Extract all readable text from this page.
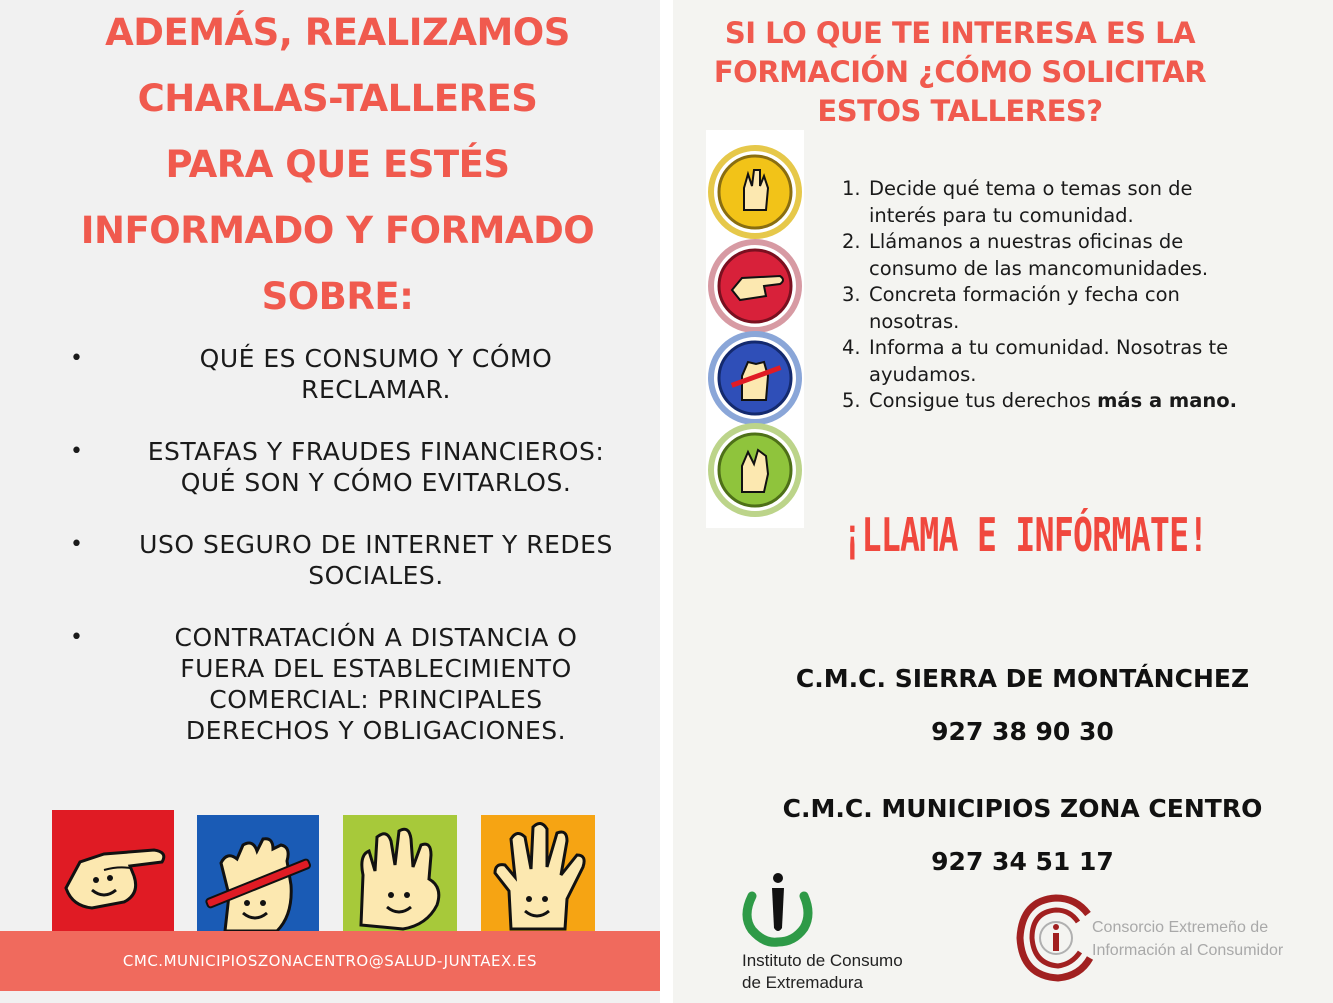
ADEMÁS, REALIZAMOS
CHARLAS-TALLERES
PARA QUE ESTÉS
INFORMADO Y FORMADO
SOBRE:
•	QUÉ ES CONSUMO Y CÓMO
RECLAMAR.
•	ESTAFAS Y FRAUDES FINANCIEROS:
QUÉ SON Y CÓMO EVITARLOS.
•	USO SEGURO DE INTERNET Y REDES
SOCIALES.
•	CONTRATACIÓN A DISTANCIA O
FUERA DEL ESTABLECIMIENTO
COMERCIAL: PRINCIPALES
DERECHOS Y OBLIGACIONES.
CMC.MUNICIPIOSZONACENTRO@SALUD-JUNTAEX.ES
SI LO QUE TE INTERESA ES LA
FORMACIÓN ¿CÓMO SOLICITAR
ESTOS TALLERES?
1. Decide qué tema o temas son de
interés para tu comunidad.
2. Llámanos a nuestras oficinas de
consumo de las mancomunidades.
3. Concreta formación y fecha con
nosotras.
4. Informa a tu comunidad. Nosotras te
ayudamos.
5. Consigue tus derechos más a mano.
¡LLAMA E INFÓRMATE!
C.M.C. SIERRA DE MONTÁNCHEZ
927 38 90 30
C.M.C. MUNICIPIOS ZONA CENTRO
927 34 51 17
Instituto de Consumo
de Extremadura
Consorcio Extremeño de
Información al Consumidor
